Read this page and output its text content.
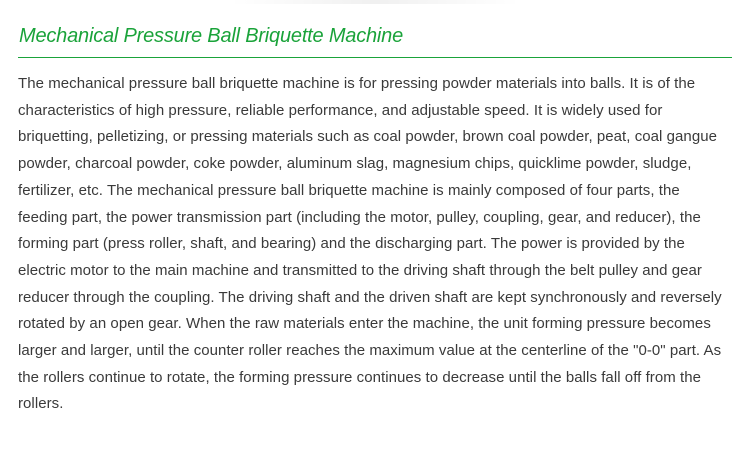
Mechanical Pressure Ball Briquette Machine

The mechanical pressure ball briquette machine is for pressing powder materials into balls. It is of the characteristics of high pressure, reliable performance, and adjustable speed. It is widely used for briquetting, pelletizing, or pressing materials such as coal powder, brown coal powder, peat, coal gangue powder, charcoal powder, coke powder, aluminum slag, magnesium chips, quicklime powder, sludge, fertilizer, etc. The mechanical pressure ball briquette machine is mainly composed of four parts, the feeding part, the power transmission part (including the motor, pulley, coupling, gear, and reducer), the forming part (press roller, shaft, and bearing) and the discharging part. The power is provided by the electric motor to the main machine and transmitted to the driving shaft through the belt pulley and gear reducer through the coupling. The driving shaft and the driven shaft are kept synchronously and reversely rotated by an open gear. When the raw materials enter the machine, the unit forming pressure becomes larger and larger, until the counter roller reaches the maximum value at the centerline of the "0-0" part. As the rollers continue to rotate, the forming pressure continues to decrease until the balls fall off from the rollers.
